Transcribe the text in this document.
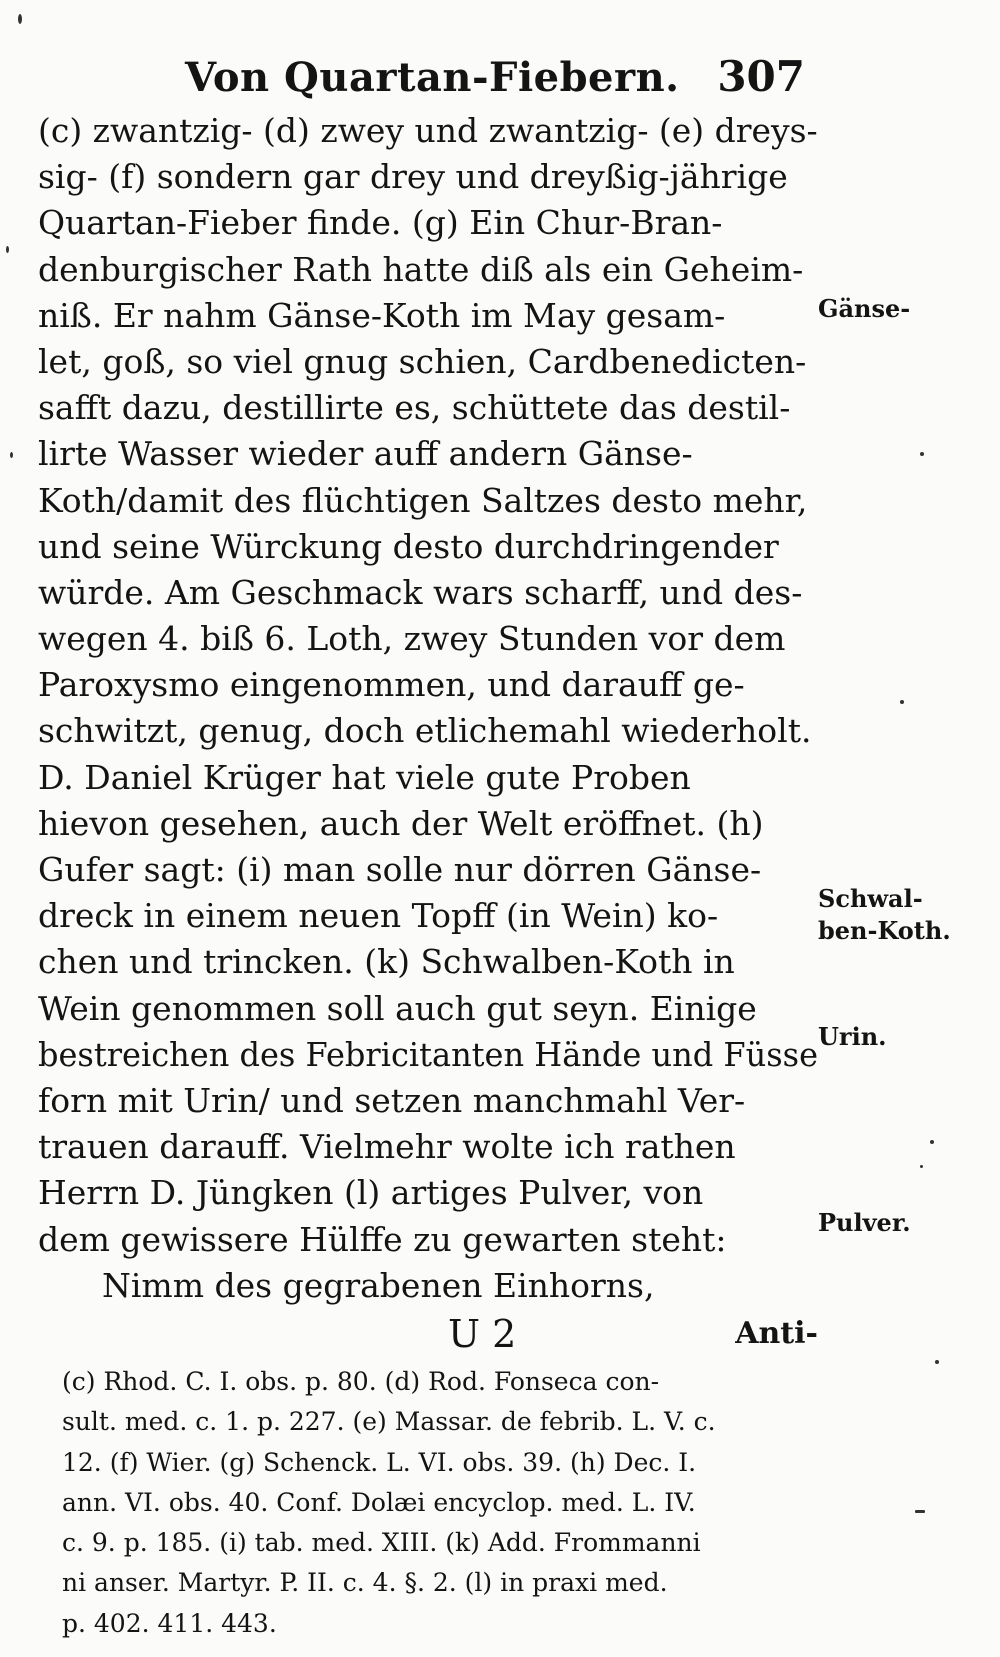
Von Quartan-Fiebern. 307
(c) zwantzig- (d) zwey und zwantzig- (e) dreys-
sig- (f) sondern gar drey und dreyßig-jährige
Quartan-Fieber finde. (g) Ein Chur-Bran-
denburgischer Rath hatte diß als ein Geheim-
niß. Er nahm Gänse-Koth im May gesam-
let, goß, so viel gnug schien, Cardbenedicten-
safft dazu, destillirte es, schüttete das destil-
lirte Wasser wieder auff andern Gänse-
Koth/damit des flüchtigen Saltzes desto mehr,
und seine Würckung desto durchdringender
würde. Am Geschmack wars scharff, und des-
wegen 4. biß 6. Loth, zwey Stunden vor dem
Paroxysmo eingenommen, und darauff ge-
schwitzt, genug, doch etlichemahl wiederholt.
D. Daniel Krüger hat viele gute Proben
hievon gesehen, auch der Welt eröffnet. (h)
Gufer sagt: (i) man solle nur dörren Gänse-
dreck in einem neuen Topff (in Wein) ko-
chen und trincken. (k) Schwalben-Koth in
Wein genommen soll auch gut seyn. Einige
bestreichen des Febricitanten Hände und Füsse
forn mit Urin/ und setzen manchmahl Ver-
trauen darauff. Vielmehr wolte ich rathen
Herrn D. Jüngken (l) artiges Pulver, von
dem gewissere Hülffe zu gewarten steht:
Nimm des gegrabenen Einhorns,
Gänse-
Schwal-
ben-Koth.
Urin.
Pulver.
U 2	Anti-
(c) Rhod. C. I. obs. p. 80. (d) Rod. Fonseca con-
sult. med. c. 1. p. 227. (e) Massar. de febrib. L. V. c.
12. (f) Wier. (g) Schenck. L. VI. obs. 39. (h) Dec. I.
ann. VI. obs. 40. Conf. Dolæi encyclop. med. L. IV.
c. 9. p. 185. (i) tab. med. XIII. (k) Add. Frommanni
ni anser. Martyr. P. II. c. 4. §. 2. (l) in praxi med.
p. 402. 411. 443.
